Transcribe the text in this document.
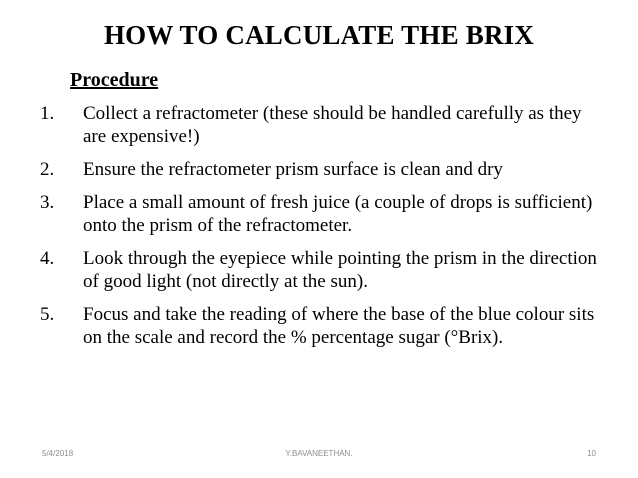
HOW TO CALCULATE THE BRIX
Procedure
1.	Collect a refractometer (these should be handled carefully as they are expensive!)
2.	Ensure the refractometer prism surface is clean and dry
3.	Place a small amount of fresh juice (a couple of drops is sufficient) onto the prism of the refractometer.
4.	Look through the eyepiece while pointing the prism in the direction of good light (not directly at the sun).
5.	Focus and take the reading of where the base of the blue colour sits on the scale and record the % percentage sugar (°Brix).
5/4/2018	Y.BAVANEETHAN.	10
